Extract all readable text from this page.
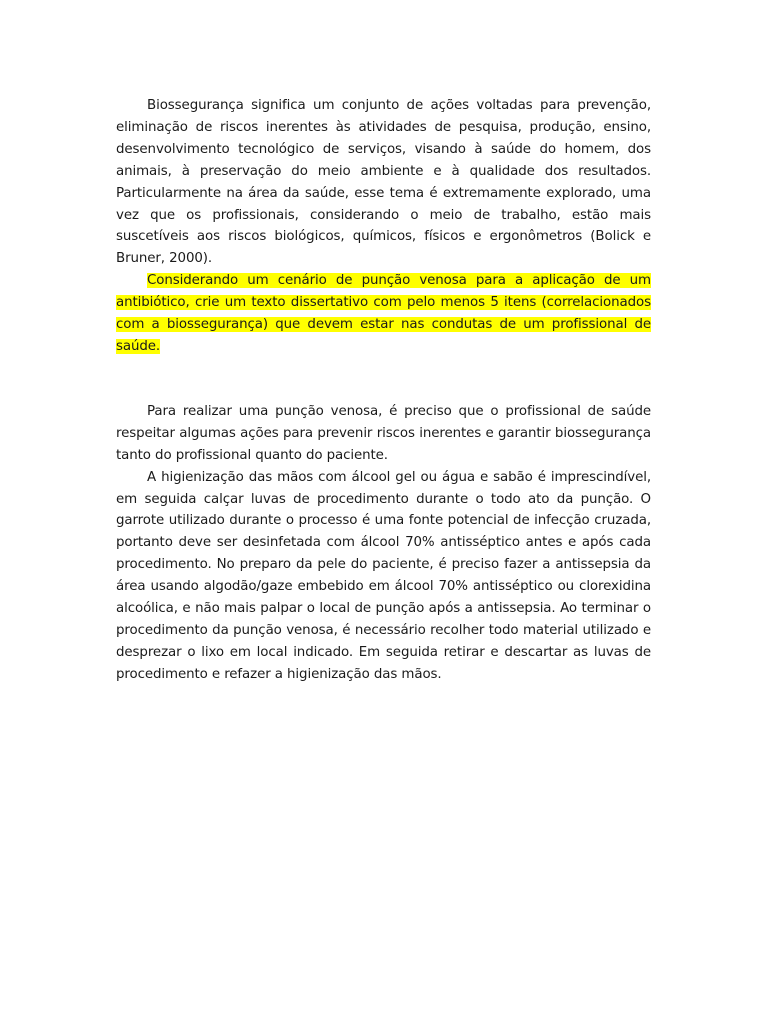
Biossegurança significa um conjunto de ações voltadas para prevenção, eliminação de riscos inerentes às atividades de pesquisa, produção, ensino, desenvolvimento tecnológico de serviços, visando à saúde do homem, dos animais, à preservação do meio ambiente e à qualidade dos resultados. Particularmente na área da saúde, esse tema é extremamente explorado, uma vez que os profissionais, considerando o meio de trabalho, estão mais suscetíveis aos riscos biológicos, químicos, físicos e ergonômetros (Bolick e Bruner, 2000).

Considerando um cenário de punção venosa para a aplicação de um antibiótico, crie um texto dissertativo com pelo menos 5 itens (correlacionados com a biossegurança) que devem estar nas condutas de um profissional de saúde.

Para realizar uma punção venosa, é preciso que o profissional de saúde respeitar algumas ações para prevenir riscos inerentes e garantir biossegurança tanto do profissional quanto do paciente.

A higienização das mãos com álcool gel ou água e sabão é imprescindível, em seguida calçar luvas de procedimento durante o todo ato da punção. O garrote utilizado durante o processo é uma fonte potencial de infecção cruzada, portanto deve ser desinfetada com álcool 70% antisséptico antes e após cada procedimento. No preparo da pele do paciente, é preciso fazer a antissepsia da área usando algodão/gaze embebido em álcool 70% antisséptico ou clorexidina alcoólica, e não mais palpar o local de punção após a antissepsia. Ao terminar o procedimento da punção venosa, é necessário recolher todo material utilizado e desprezar o lixo em local indicado. Em seguida retirar e descartar as luvas de procedimento e refazer a higienização das mãos.
